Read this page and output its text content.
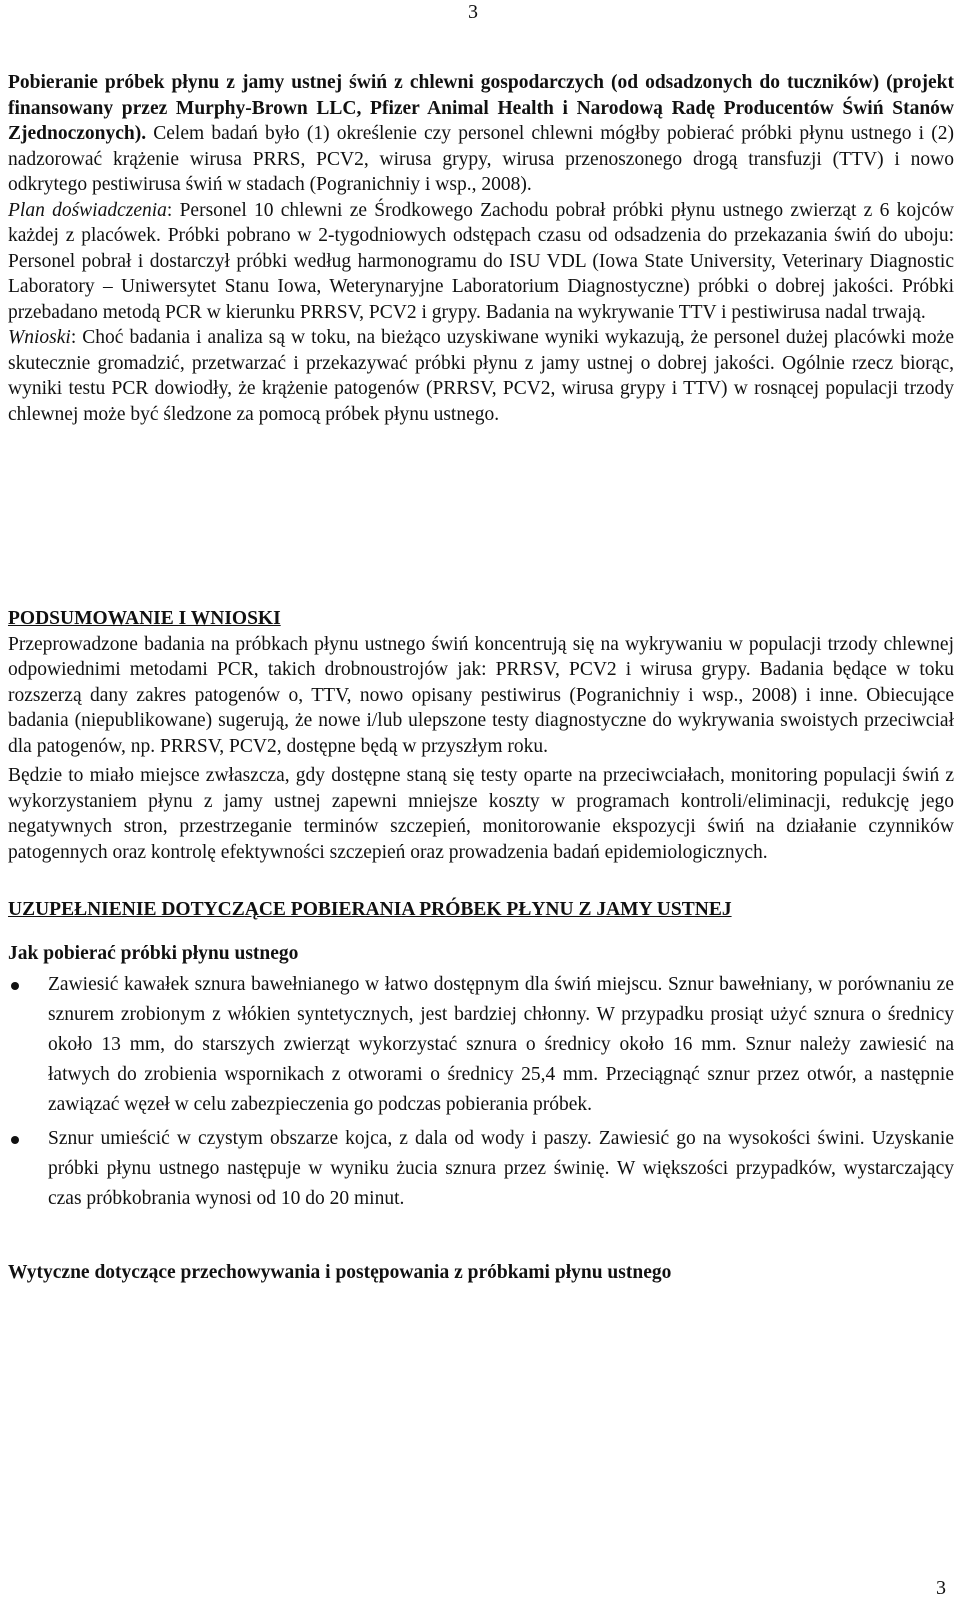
3

Pobieranie próbek płynu z jamy ustnej świń z chlewni gospodarczych (od odsadzonych do tuczników) (projekt finansowany przez Murphy-Brown LLC, Pfizer Animal Health i Narodową Radę Producentów Świń Stanów Zjednoczonych). Celem badań było (1) określenie czy personel chlewni mógłby pobierać próbki płynu ustnego i (2) nadzorować krążenie wirusa PRRS, PCV2, wirusa grypy, wirusa przenoszonego drogą transfuzji (TTV) i nowo odkrytego pestiwirusa świń w stadach (Pogranichniy i wsp., 2008).
Plan doświadczenia: Personel 10 chlewni ze Środkowego Zachodu pobrał próbki płynu ustnego zwierząt z 6 kojców każdej z placówek. Próbki pobrano w 2-tygodniowych odstępach czasu od odsadzenia do przekazania świń do uboju: Personel pobrał i dostarczył próbki według harmonogramu do ISU VDL (Iowa State University, Veterinary Diagnostic Laboratory – Uniwersytet Stanu Iowa, Weterynaryjne Laboratorium Diagnostyczne) próbki o dobrej jakości. Próbki przebadano metodą PCR w kierunku PRRSV, PCV2 i grypy. Badania na wykrywanie TTV i pestiwirusa nadal trwają.
Wnioski: Choć badania i analiza są w toku, na bieżąco uzyskiwane wyniki wykazują, że personel dużej placówki może skutecznie gromadzić, przetwarzać i przekazywać próbki płynu z jamy ustnej o dobrej jakości. Ogólnie rzecz biorąc, wyniki testu PCR dowiodły, że krążenie patogenów (PRRSV, PCV2, wirusa grypy i TTV) w rosnącej populacji trzody chlewnej może być śledzone za pomocą próbek płynu ustnego.

PODSUMOWANIE I WNIOSKI

Przeprowadzone badania na próbkach płynu ustnego świń koncentrują się na wykrywaniu w populacji trzody chlewnej odpowiednimi metodami PCR, takich drobnoustrojów jak: PRRSV, PCV2 i wirusa grypy. Badania będące w toku rozszerzą dany zakres patogenów o, TTV, nowo opisany pestiwirus (Pogranichniy i wsp., 2008) i inne. Obiecujące badania (niepublikowane) sugerują, że nowe i/lub ulepszone testy diagnostyczne do wykrywania swoistych przeciwciał dla patogenów, np. PRRSV, PCV2, dostępne będą w przyszłym roku.

Będzie to miało miejsce zwłaszcza, gdy dostępne staną się testy oparte na przeciwciałach, monitoring populacji świń z wykorzystaniem płynu z jamy ustnej zapewni mniejsze koszty w programach kontroli/eliminacji, redukcję jego negatywnych stron, przestrzeganie terminów szczepień, monitorowanie ekspozycji świń na działanie czynników patogennych oraz kontrolę efektywności szczepień oraz prowadzenia badań epidemiologicznych.

UZUPEŁNIENIE DOTYCZĄCE POBIERANIA PRÓBEK PŁYNU Z JAMY USTNEJ

Jak pobierać próbki płynu ustnego

Zawiesić kawałek sznura bawełnianego w łatwo dostępnym dla świń miejscu. Sznur bawełniany, w porównaniu ze sznurem zrobionym z włókien syntetycznych, jest bardziej chłonny. W przypadku prosiąt użyć sznura o średnicy około 13 mm, do starszych zwierząt wykorzystać sznura o średnicy około 16 mm. Sznur należy zawiesić na łatwych do zrobienia wspornikach z otworami o średnicy 25,4 mm. Przeciągnąć sznur przez otwór, a następnie zawiązać węzeł w celu zabezpieczenia go podczas pobierania próbek.
Sznur umieścić w czystym obszarze kojca, z dala od wody i paszy. Zawiesić go na wysokości świni. Uzyskanie próbki płynu ustnego następuje w wyniku żucia sznura przez świnię. W większości przypadków, wystarczający czas próbkobrania wynosi od 10 do 20 minut.

Wytyczne dotyczące przechowywania i postępowania z próbkami płynu ustnego

3
